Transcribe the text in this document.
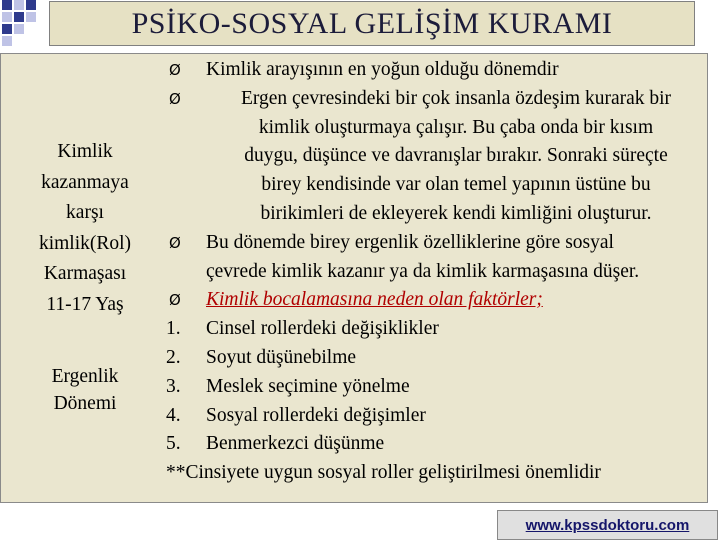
PSİKO-SOSYAL GELİŞİM KURAMI
Kimlik
kazanmaya
karşı
kimlik(Rol)
Karmaşası
11-17 Yaş
Ergenlik
Dönemi
Ø	Kimlik arayışının en yoğun olduğu dönemdir
Ø	Ergen çevresindeki bir çok insanla özdeşim kurarak bir
kimlik oluşturmaya çalışır. Bu çaba onda bir kısım
duygu, düşünce ve davranışlar bırakır. Sonraki süreçte
birey kendisinde var olan temel yapının üstüne bu
birikimleri de ekleyerek kendi kimliğini oluşturur.
Ø	Bu dönemde birey ergenlik özelliklerine göre sosyal
çevrede kimlik kazanır ya da kimlik karmaşasına düşer.
Ø	Kimlik bocalamasına neden olan faktörler;
1.	Cinsel rollerdeki değişiklikler
2.	Soyut düşünebilme
3.	Meslek seçimine yönelme
4.	Sosyal rollerdeki değişimler
5.	Benmerkezci düşünme
**Cinsiyete uygun sosyal roller geliştirilmesi önemlidir
www.kpssdoktoru.com
